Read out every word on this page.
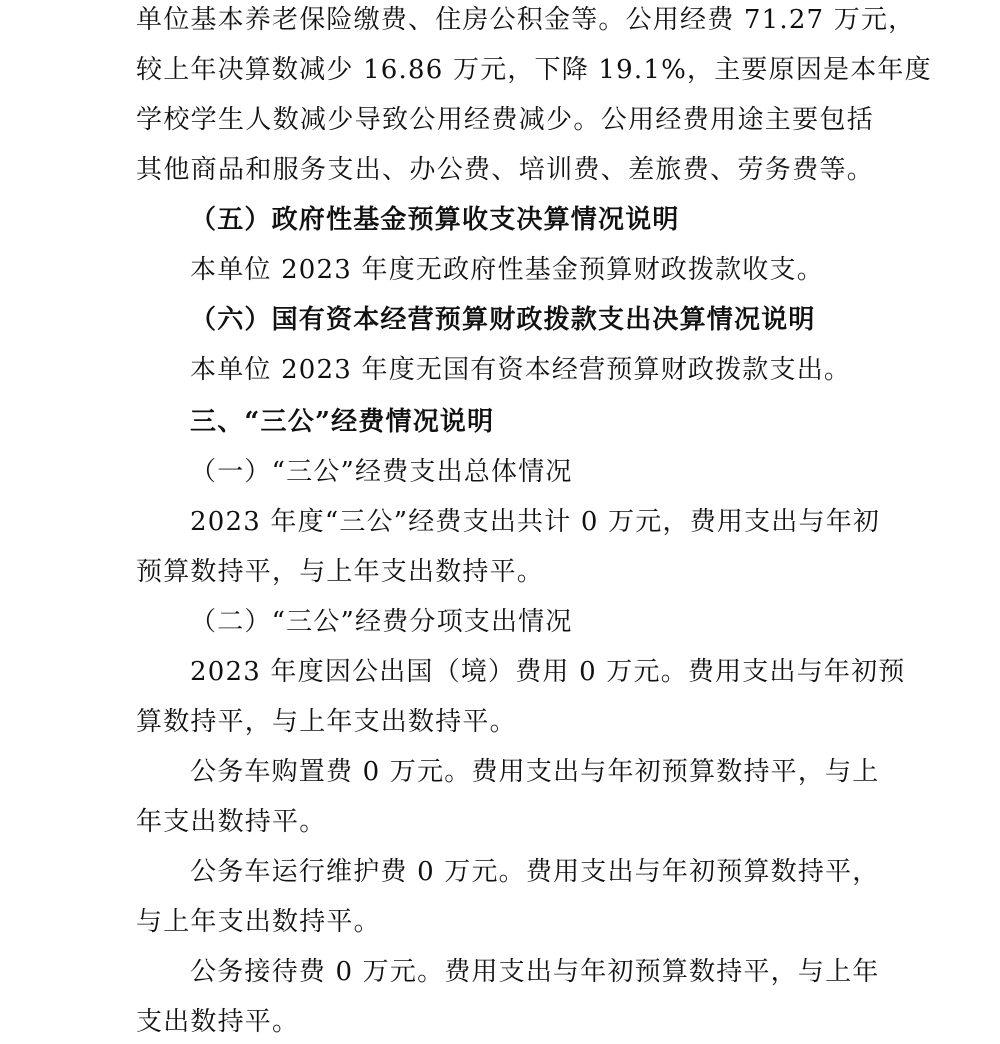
单位基本养老保险缴费、住房公积金等。公用经费 71.27 万元，
较上年决算数减少 16.86 万元，下降 19.1%，主要原因是本年度
学校学生人数减少导致公用经费减少。公用经费用途主要包括
其他商品和服务支出、办公费、培训费、差旅费、劳务费等。
（五）政府性基金预算收支决算情况说明
本单位 2023 年度无政府性基金预算财政拨款收支。
（六）国有资本经营预算财政拨款支出决算情况说明
本单位 2023 年度无国有资本经营预算财政拨款支出。
三、“三公”经费情况说明
（一）“三公”经费支出总体情况
2023 年度“三公”经费支出共计 0 万元，费用支出与年初
预算数持平，与上年支出数持平。
（二）“三公”经费分项支出情况
2023 年度因公出国（境）费用 0 万元。费用支出与年初预
算数持平，与上年支出数持平。
公务车购置费 0 万元。费用支出与年初预算数持平，与上
年支出数持平。
公务车运行维护费 0 万元。费用支出与年初预算数持平，
与上年支出数持平。
公务接待费 0 万元。费用支出与年初预算数持平，与上年
支出数持平。
